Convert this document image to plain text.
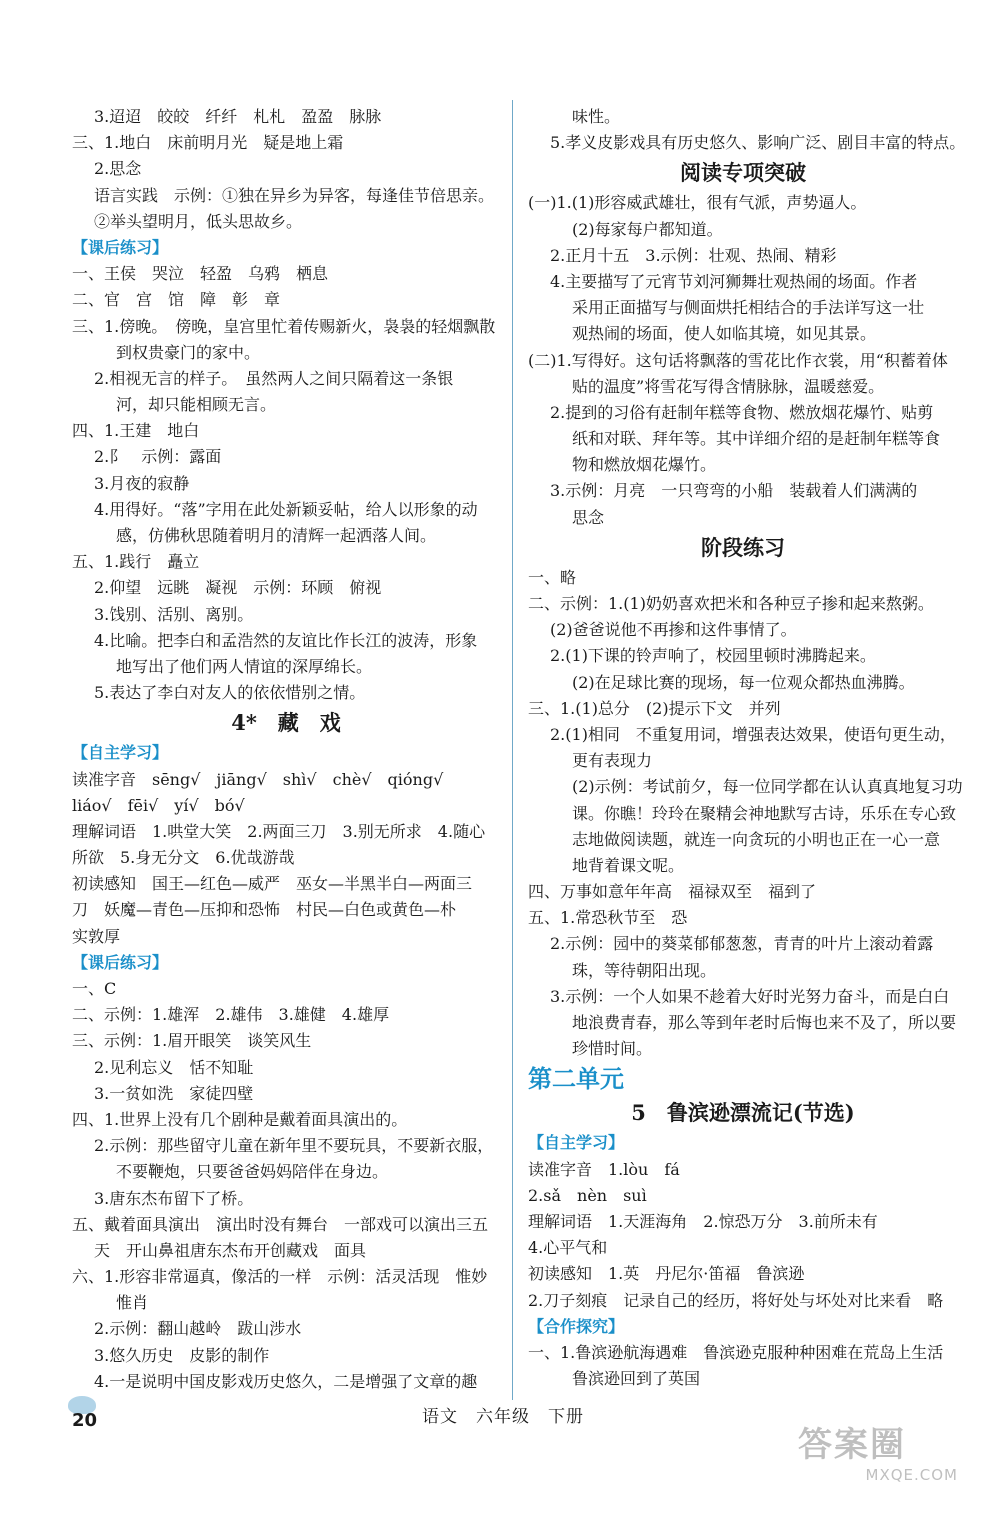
3.迢迢　皎皎　纤纤　札札　盈盈　脉脉
三、1.地白　床前明月光　疑是地上霜
2.思念
语言实践　示例：①独在异乡为异客，每逢佳节倍思亲。
②举头望明月，低头思故乡。
【课后练习】
一、王侯　哭泣　轻盈　乌鸦　栖息
二、官　宫　馆　障　彰　章
三、1.傍晚。　傍晚，皇宫里忙着传赐新火，袅袅的轻烟飘散
到权贵豪门的家中。
2.相视无言的样子。　虽然两人之间只隔着这一条银
河，却只能相顾无言。
四、1.王建　地白
2.阝　示例：露面
3.月夜的寂静
4.用得好。“落”字用在此处新颖妥帖，给人以形象的动
感，仿佛秋思随着明月的清辉一起洒落人间。
五、1.践行　矗立
2.仰望　远眺　凝视　示例：环顾　俯视
3.饯别、活别、离别。
4.比喻。把李白和孟浩然的友谊比作长江的波涛，形象
地写出了他们两人情谊的深厚绵长。
5.表达了李白对友人的依依惜别之情。
4*　藏　戏
【自主学习】
读准字音　sēng√　jiāng√　shì√　chè√　qióng√
liáo√　fēi√　yí√　bó√
理解词语　1.哄堂大笑　2.两面三刀　3.别无所求　4.随心
所欲　5.身无分文　6.优哉游哉
初读感知　国王—红色—威严　巫女—半黑半白—两面三
刀　妖魔—青色—压抑和恐怖　村民—白色或黄色—朴
实敦厚
【课后练习】
一、C
二、示例：1.雄浑　2.雄伟　3.雄健　4.雄厚
三、示例：1.眉开眼笑　谈笑风生
2.见利忘义　恬不知耻
3.一贫如洗　家徒四壁
四、1.世界上没有几个剧种是戴着面具演出的。
2.示例：那些留守儿童在新年里不要玩具，不要新衣服，
不要鞭炮，只要爸爸妈妈陪伴在身边。
3.唐东杰布留下了桥。
五、戴着面具演出　演出时没有舞台　一部戏可以演出三五
天　开山鼻祖唐东杰布开创藏戏　面具
六、1.形容非常逼真，像活的一样　示例：活灵活现　惟妙
惟肖
2.示例：翻山越岭　跋山涉水
3.悠久历史　皮影的制作
4.一是说明中国皮影戏历史悠久，二是增强了文章的趣
味性。
5.孝义皮影戏具有历史悠久、影响广泛、剧目丰富的特点。
阅读专项突破
(一)1.(1)形容威武雄壮，很有气派，声势逼人。
(2)每家每户都知道。
2.正月十五　3.示例：壮观、热闹、精彩
4.主要描写了元宵节刘河狮舞壮观热闹的场面。作者
采用正面描写与侧面烘托相结合的手法详写这一壮
观热闹的场面，使人如临其境，如见其景。
(二)1.写得好。这句话将飘落的雪花比作衣裳，用“积蓄着体
贴的温度”将雪花写得含情脉脉，温暖慈爱。
2.提到的习俗有赶制年糕等食物、燃放烟花爆竹、贴剪
纸和对联、拜年等。其中详细介绍的是赶制年糕等食
物和燃放烟花爆竹。
3.示例：月亮　一只弯弯的小船　装载着人们满满的
思念
阶段练习
一、略
二、示例：1.(1)奶奶喜欢把米和各种豆子掺和起来熬粥。
(2)爸爸说他不再掺和这件事情了。
2.(1)下课的铃声响了，校园里顿时沸腾起来。
(2)在足球比赛的现场，每一位观众都热血沸腾。
三、1.(1)总分　(2)提示下文　并列
2.(1)相同　不重复用词，增强表达效果，使语句更生动，
更有表现力
(2)示例：考试前夕，每一位同学都在认认真真地复习功
课。你瞧！玲玲在聚精会神地默写古诗，乐乐在专心致
志地做阅读题，就连一向贪玩的小明也正在一心一意
地背着课文呢。
四、万事如意年年高　福禄双至　福到了
五、1.常恐秋节至　恐
2.示例：园中的葵菜郁郁葱葱，青青的叶片上滚动着露
珠，等待朝阳出现。
3.示例：一个人如果不趁着大好时光努力奋斗，而是白白
地浪费青春，那么等到年老时后悔也来不及了，所以要
珍惜时间。
第二单元
5　鲁滨逊漂流记(节选)
【自主学习】
读准字音　1.lòu　fá
2.sǎ　nèn　suì
理解词语　1.天涯海角　2.惊恐万分　3.前所未有
4.心平气和
初读感知　1.英　丹尼尔·笛福　鲁滨逊
2.刀子刻痕　记录自己的经历，将好处与坏处对比来看　略
【合作探究】
一、1.鲁滨逊航海遇难　鲁滨逊克服种种困难在荒岛上生活
鲁滨逊回到了英国
20	语文　六年级　下册
答案圈
MXQE.COM
